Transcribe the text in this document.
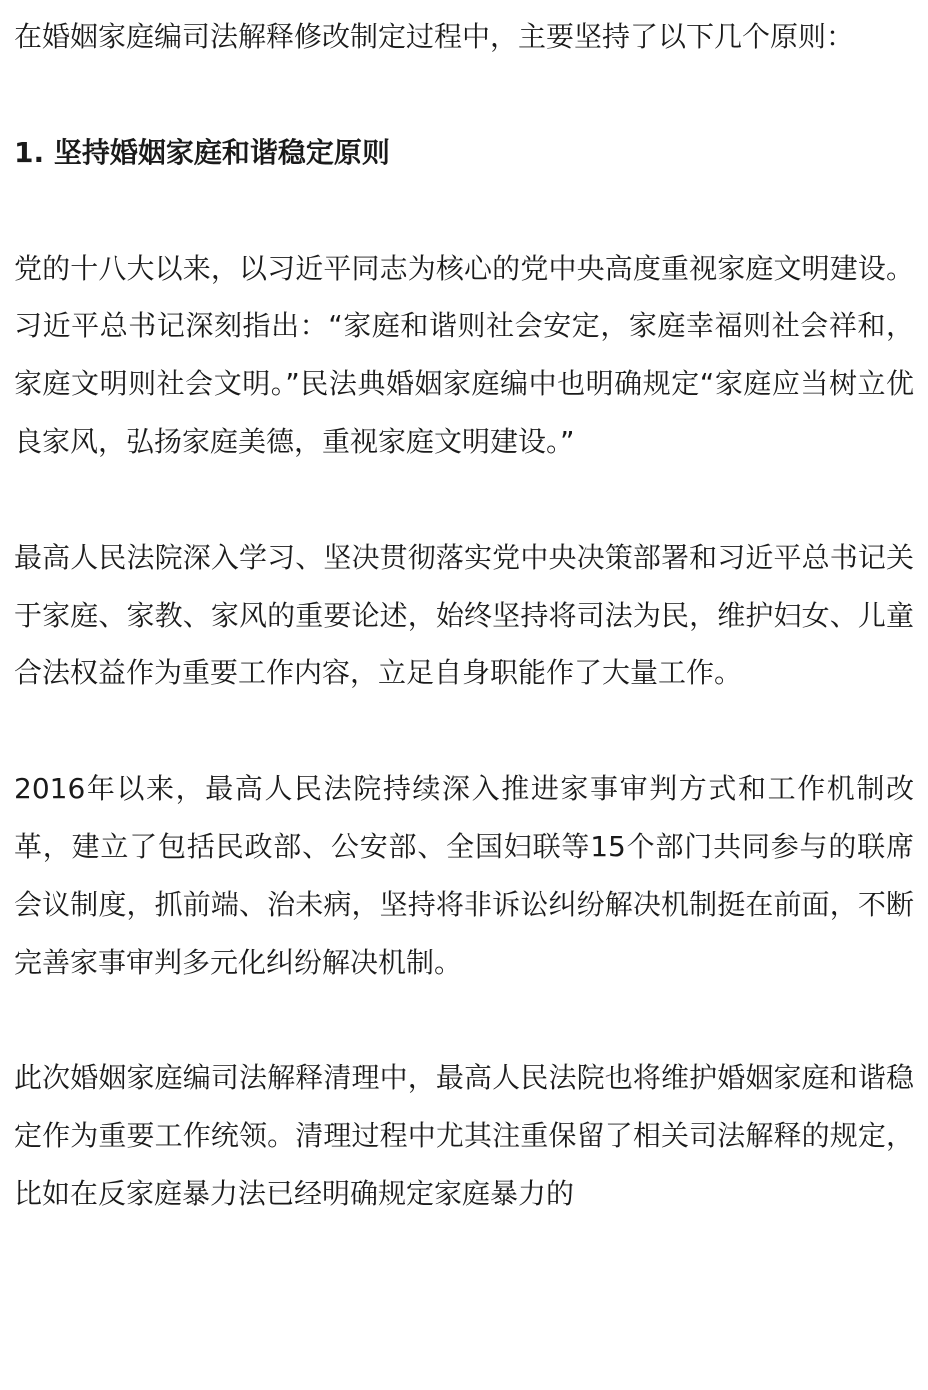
在婚姻家庭编司法解释修改制定过程中，主要坚持了以下几个原则：

1. 坚持婚姻家庭和谐稳定原则

党的十八大以来，以习近平同志为核心的党中央高度重视家庭文明建设。习近平总书记深刻指出：“家庭和谐则社会安定，家庭幸福则社会祥和，家庭文明则社会文明。”民法典婚姻家庭编中也明确规定“家庭应当树立优良家风，弘扬家庭美德，重视家庭文明建设。”

最高人民法院深入学习、坚决贯彻落实党中央决策部署和习近平总书记关于家庭、家教、家风的重要论述，始终坚持将司法为民，维护妇女、儿童合法权益作为重要工作内容，立足自身职能作了大量工作。

2016年以来，最高人民法院持续深入推进家事审判方式和工作机制改革，建立了包括民政部、公安部、全国妇联等15个部门共同参与的联席会议制度，抓前端、治未病，坚持将非诉讼纠纷解决机制挺在前面，不断完善家事审判多元化纠纷解决机制。

此次婚姻家庭编司法解释清理中，最高人民法院也将维护婚姻家庭和谐稳定作为重要工作统领。清理过程中尤其注重保留了相关司法解释的规定，比如在反家庭暴力法已经明确规定家庭暴力的
